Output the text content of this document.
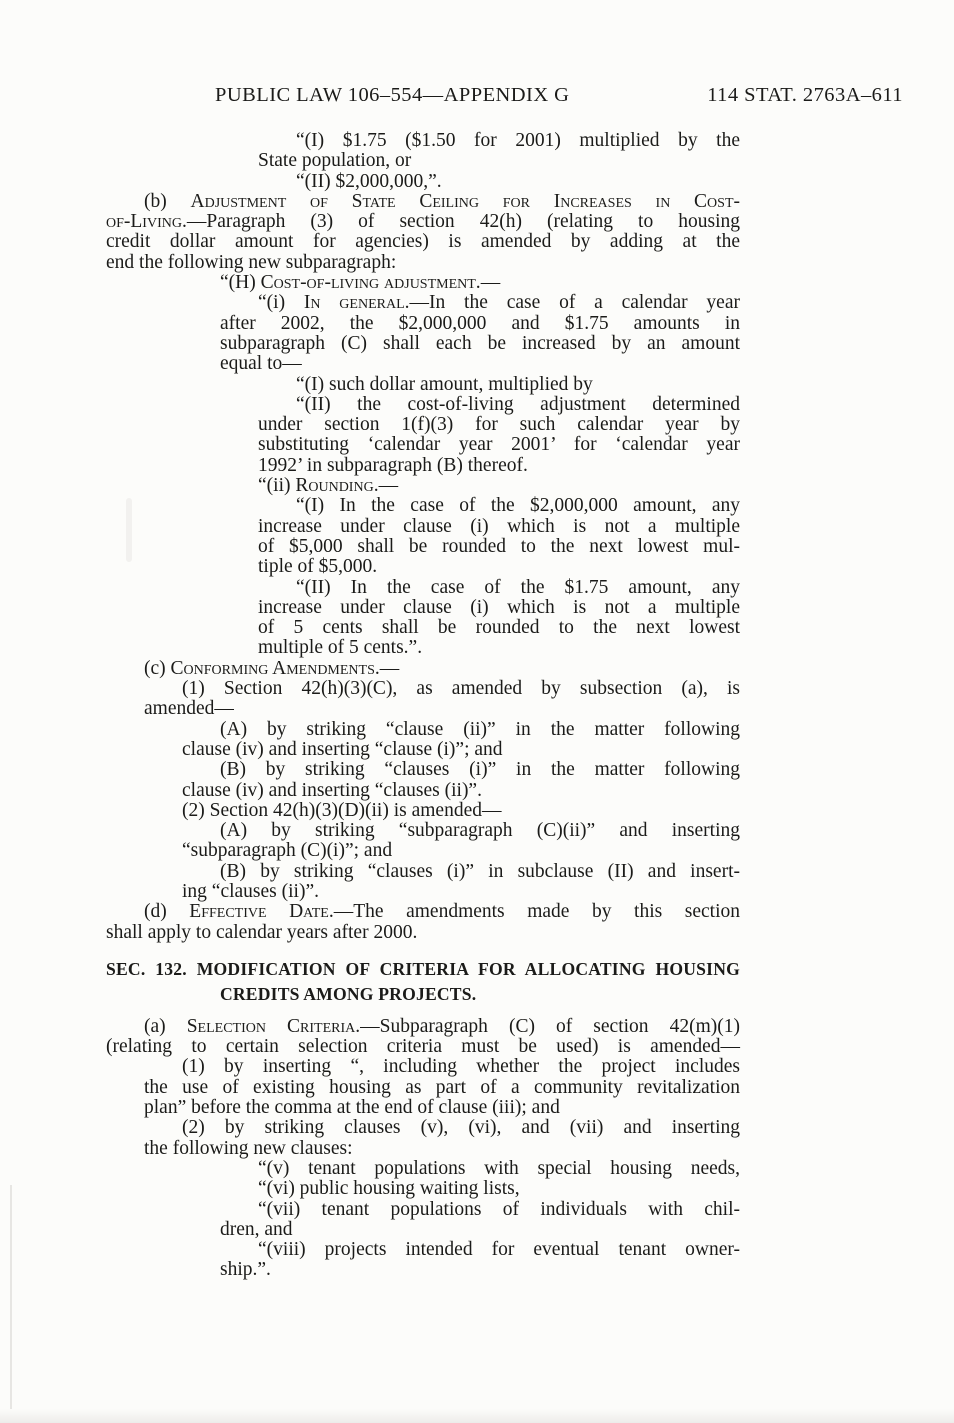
PUBLIC LAW 106–554—APPENDIX G	114 STAT. 2763A–611
“(I) $1.75 ($1.50 for 2001) multiplied by the
State population, or
“(II) $2,000,000,”.
(b) Adjustment of State Ceiling for Increases in Cost-
of-Living.—Paragraph (3) of section 42(h) (relating to housing
credit dollar amount for agencies) is amended by adding at the
end the following new subparagraph:
“(H) Cost-of-living adjustment.—
“(i) In general.—In the case of a calendar year
after 2002, the $2,000,000 and $1.75 amounts in
subparagraph (C) shall each be increased by an amount
equal to—
“(I) such dollar amount, multiplied by
“(II) the cost-of-living adjustment determined
under section 1(f)(3) for such calendar year by
substituting ‘calendar year 2001’ for ‘calendar year
1992’ in subparagraph (B) thereof.
“(ii) Rounding.—
“(I) In the case of the $2,000,000 amount, any
increase under clause (i) which is not a multiple
of $5,000 shall be rounded to the next lowest mul-
tiple of $5,000.
“(II) In the case of the $1.75 amount, any
increase under clause (i) which is not a multiple
of 5 cents shall be rounded to the next lowest
multiple of 5 cents.”.
(c) Conforming Amendments.—
(1) Section 42(h)(3)(C), as amended by subsection (a), is
amended—
(A) by striking “clause (ii)” in the matter following
clause (iv) and inserting “clause (i)”; and
(B) by striking “clauses (i)” in the matter following
clause (iv) and inserting “clauses (ii)”.
(2) Section 42(h)(3)(D)(ii) is amended—
(A) by striking “subparagraph (C)(ii)” and inserting
“subparagraph (C)(i)”; and
(B) by striking “clauses (i)” in subclause (II) and insert-
ing “clauses (ii)”.
(d) Effective Date.—The amendments made by this section
shall apply to calendar years after 2000.
SEC. 132. MODIFICATION OF CRITERIA FOR ALLOCATING HOUSING
CREDITS AMONG PROJECTS.
(a) Selection Criteria.—Subparagraph (C) of section 42(m)(1)
(relating to certain selection criteria must be used) is amended—
(1) by inserting “, including whether the project includes
the use of existing housing as part of a community revitalization
plan” before the comma at the end of clause (iii); and
(2) by striking clauses (v), (vi), and (vii) and inserting
the following new clauses:
“(v) tenant populations with special housing needs,
“(vi) public housing waiting lists,
“(vii) tenant populations of individuals with chil-
dren, and
“(viii) projects intended for eventual tenant owner-
ship.”.
